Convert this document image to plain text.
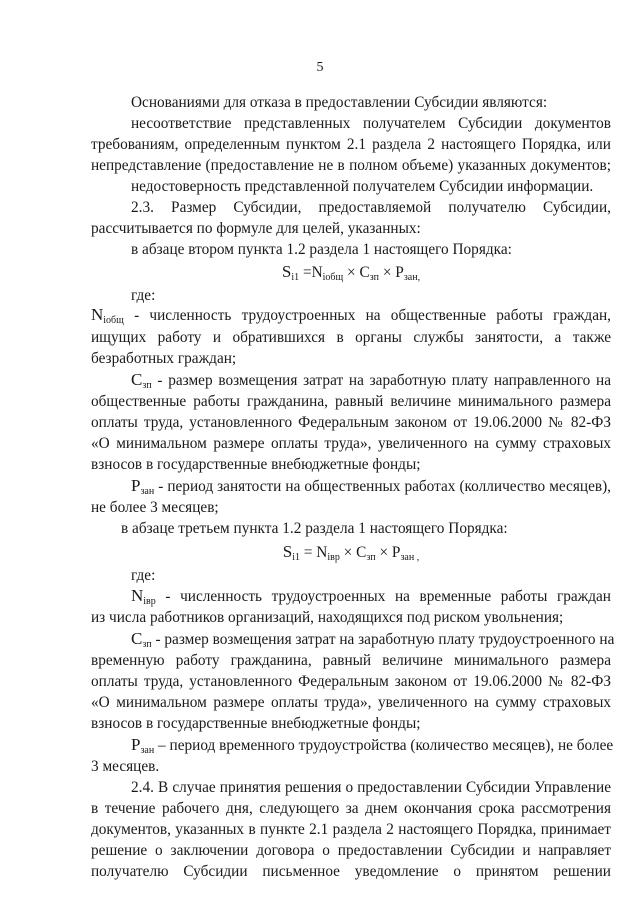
5
Основаниями для отказа в предоставлении Субсидии являются:
несоответствие представленных получателем Субсидии документов
требованиям, определенным пунктом 2.1 раздела 2 настоящего Порядка, или
непредставление (предоставление не в полном объеме) указанных документов;
недостоверность представленной получателем Субсидии информации.
2.3. Размер Субсидии, предоставляемой получателю Субсидии,
рассчитывается по формуле для целей, указанных:
в абзаце втором пункта 1.2 раздела 1 настоящего Порядка:
где:
ищущих работу и обратившихся в органы службы занятости, а также
безработных граждан;
общественные работы гражданина, равный величине минимального размера
оплаты труда, установленного Федеральным законом от 19.06.2000 № 82-ФЗ
«О минимальном размере оплаты труда», увеличенного на сумму страховых
взносов в государственные внебюджетные фонды;
не более 3 месяцев;
в абзаце третьем пункта 1.2 раздела 1 настоящего Порядка:
где:
из числа работников организаций, находящихся под риском увольнения;
временную работу гражданина, равный величине минимального размера
оплаты труда, установленного Федеральным законом от 19.06.2000 № 82-ФЗ
«О минимальном размере оплаты труда», увеличенного на сумму страховых
взносов в государственные внебюджетные фонды;
3 месяцев.
2.4. В случае принятия решения о предоставлении Субсидии Управление
в течение рабочего дня, следующего за днем окончания срока рассмотрения
документов, указанных в пункте 2.1 раздела 2 настоящего Порядка, принимает
решение о заключении договора о предоставлении Субсидии и направляет
получателю Субсидии письменное уведомление о принятом решении
$S_{i1} =N_{iобщ} \times C_{зп} \times P_{зан,}$
$N_{iобщ}$ - численность трудоустроенных на общественные работы граждан,
$C_{зп}$ - размер возмещения затрат на заработную плату направленного на
$P_{зан}$ - период занятости на общественных работах (колличество месяцев),
$S_{i1} = N_{iвр} \times C_{зп} \times P_{зан ,}$
$N_{iвр}$ - численность трудоустроенных на временные работы граждан
$C_{зп}$ - размер возмещения затрат на заработную плату трудоустроенного на
$P_{зан}$ – период временного трудоустройства (количество месяцев), не более
